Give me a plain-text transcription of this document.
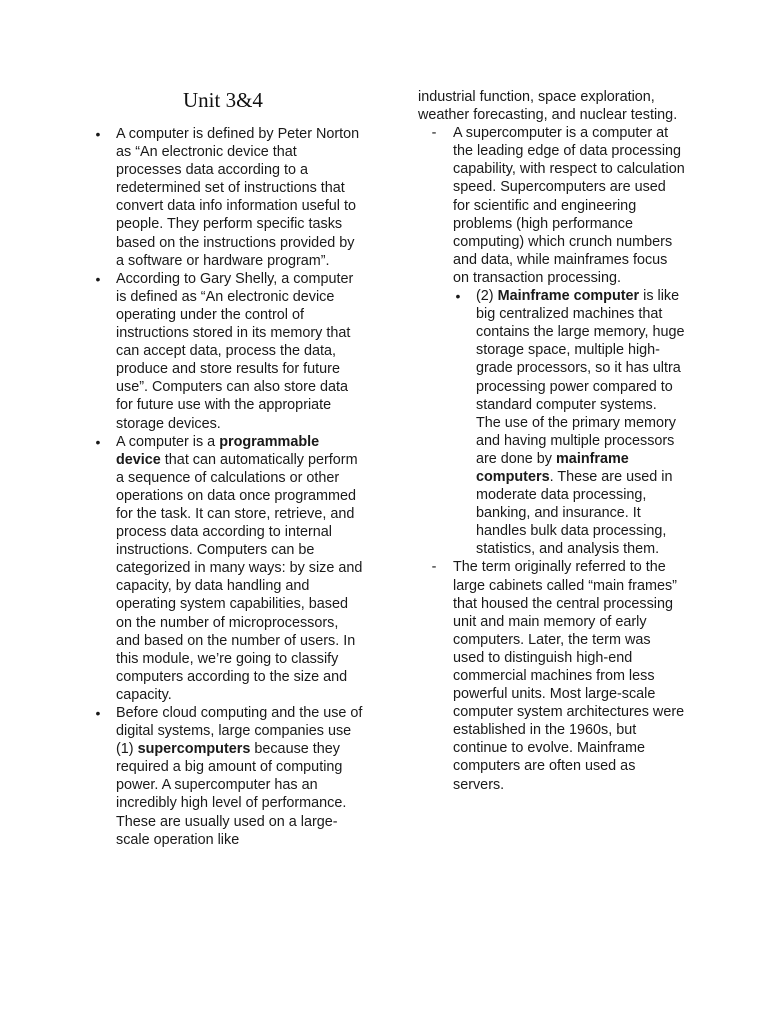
Unit 3&4
• A computer is defined by Peter Norton as “An electronic device that processes data according to a redetermined set of instructions that convert data info information useful to people. They perform specific tasks based on the instructions provided by a software or hardware program”.
• According to Gary Shelly, a computer is defined as “An electronic device operating under the control of instructions stored in its memory that can accept data, process the data, produce and store results for future use”. Computers can also store data for future use with the appropriate storage devices.
• A computer is a programmable device that can automatically perform a sequence of calculations or other operations on data once programmed for the task. It can store, retrieve, and process data according to internal instructions. Computers can be categorized in many ways: by size and capacity, by data handling and operating system capabilities, based on the number of microprocessors, and based on the number of users. In this module, we’re going to classify computers according to the size and capacity.
• Before cloud computing and the use of digital systems, large companies use (1) supercomputers because they required a big amount of computing power. A supercomputer has an incredibly high level of performance. These are usually used on a large-scale operation like
industrial function, space exploration, weather forecasting, and nuclear testing.
- A supercomputer is a computer at the leading edge of data processing capability, with respect to calculation speed. Supercomputers are used for scientific and engineering problems (high performance computing) which crunch numbers and data, while mainframes focus on transaction processing.
• (2) Mainframe computer is like big centralized machines that contains the large memory, huge storage space, multiple high-grade processors, so it has ultra processing power compared to standard computer systems. The use of the primary memory and having multiple processors are done by mainframe computers. These are used in moderate data processing, banking, and insurance. It handles bulk data processing, statistics, and analysis them.
- The term originally referred to the large cabinets called “main frames” that housed the central processing unit and main memory of early computers. Later, the term was used to distinguish high-end commercial machines from less powerful units. Most large-scale computer system architectures were established in the 1960s, but continue to evolve. Mainframe computers are often used as servers.
